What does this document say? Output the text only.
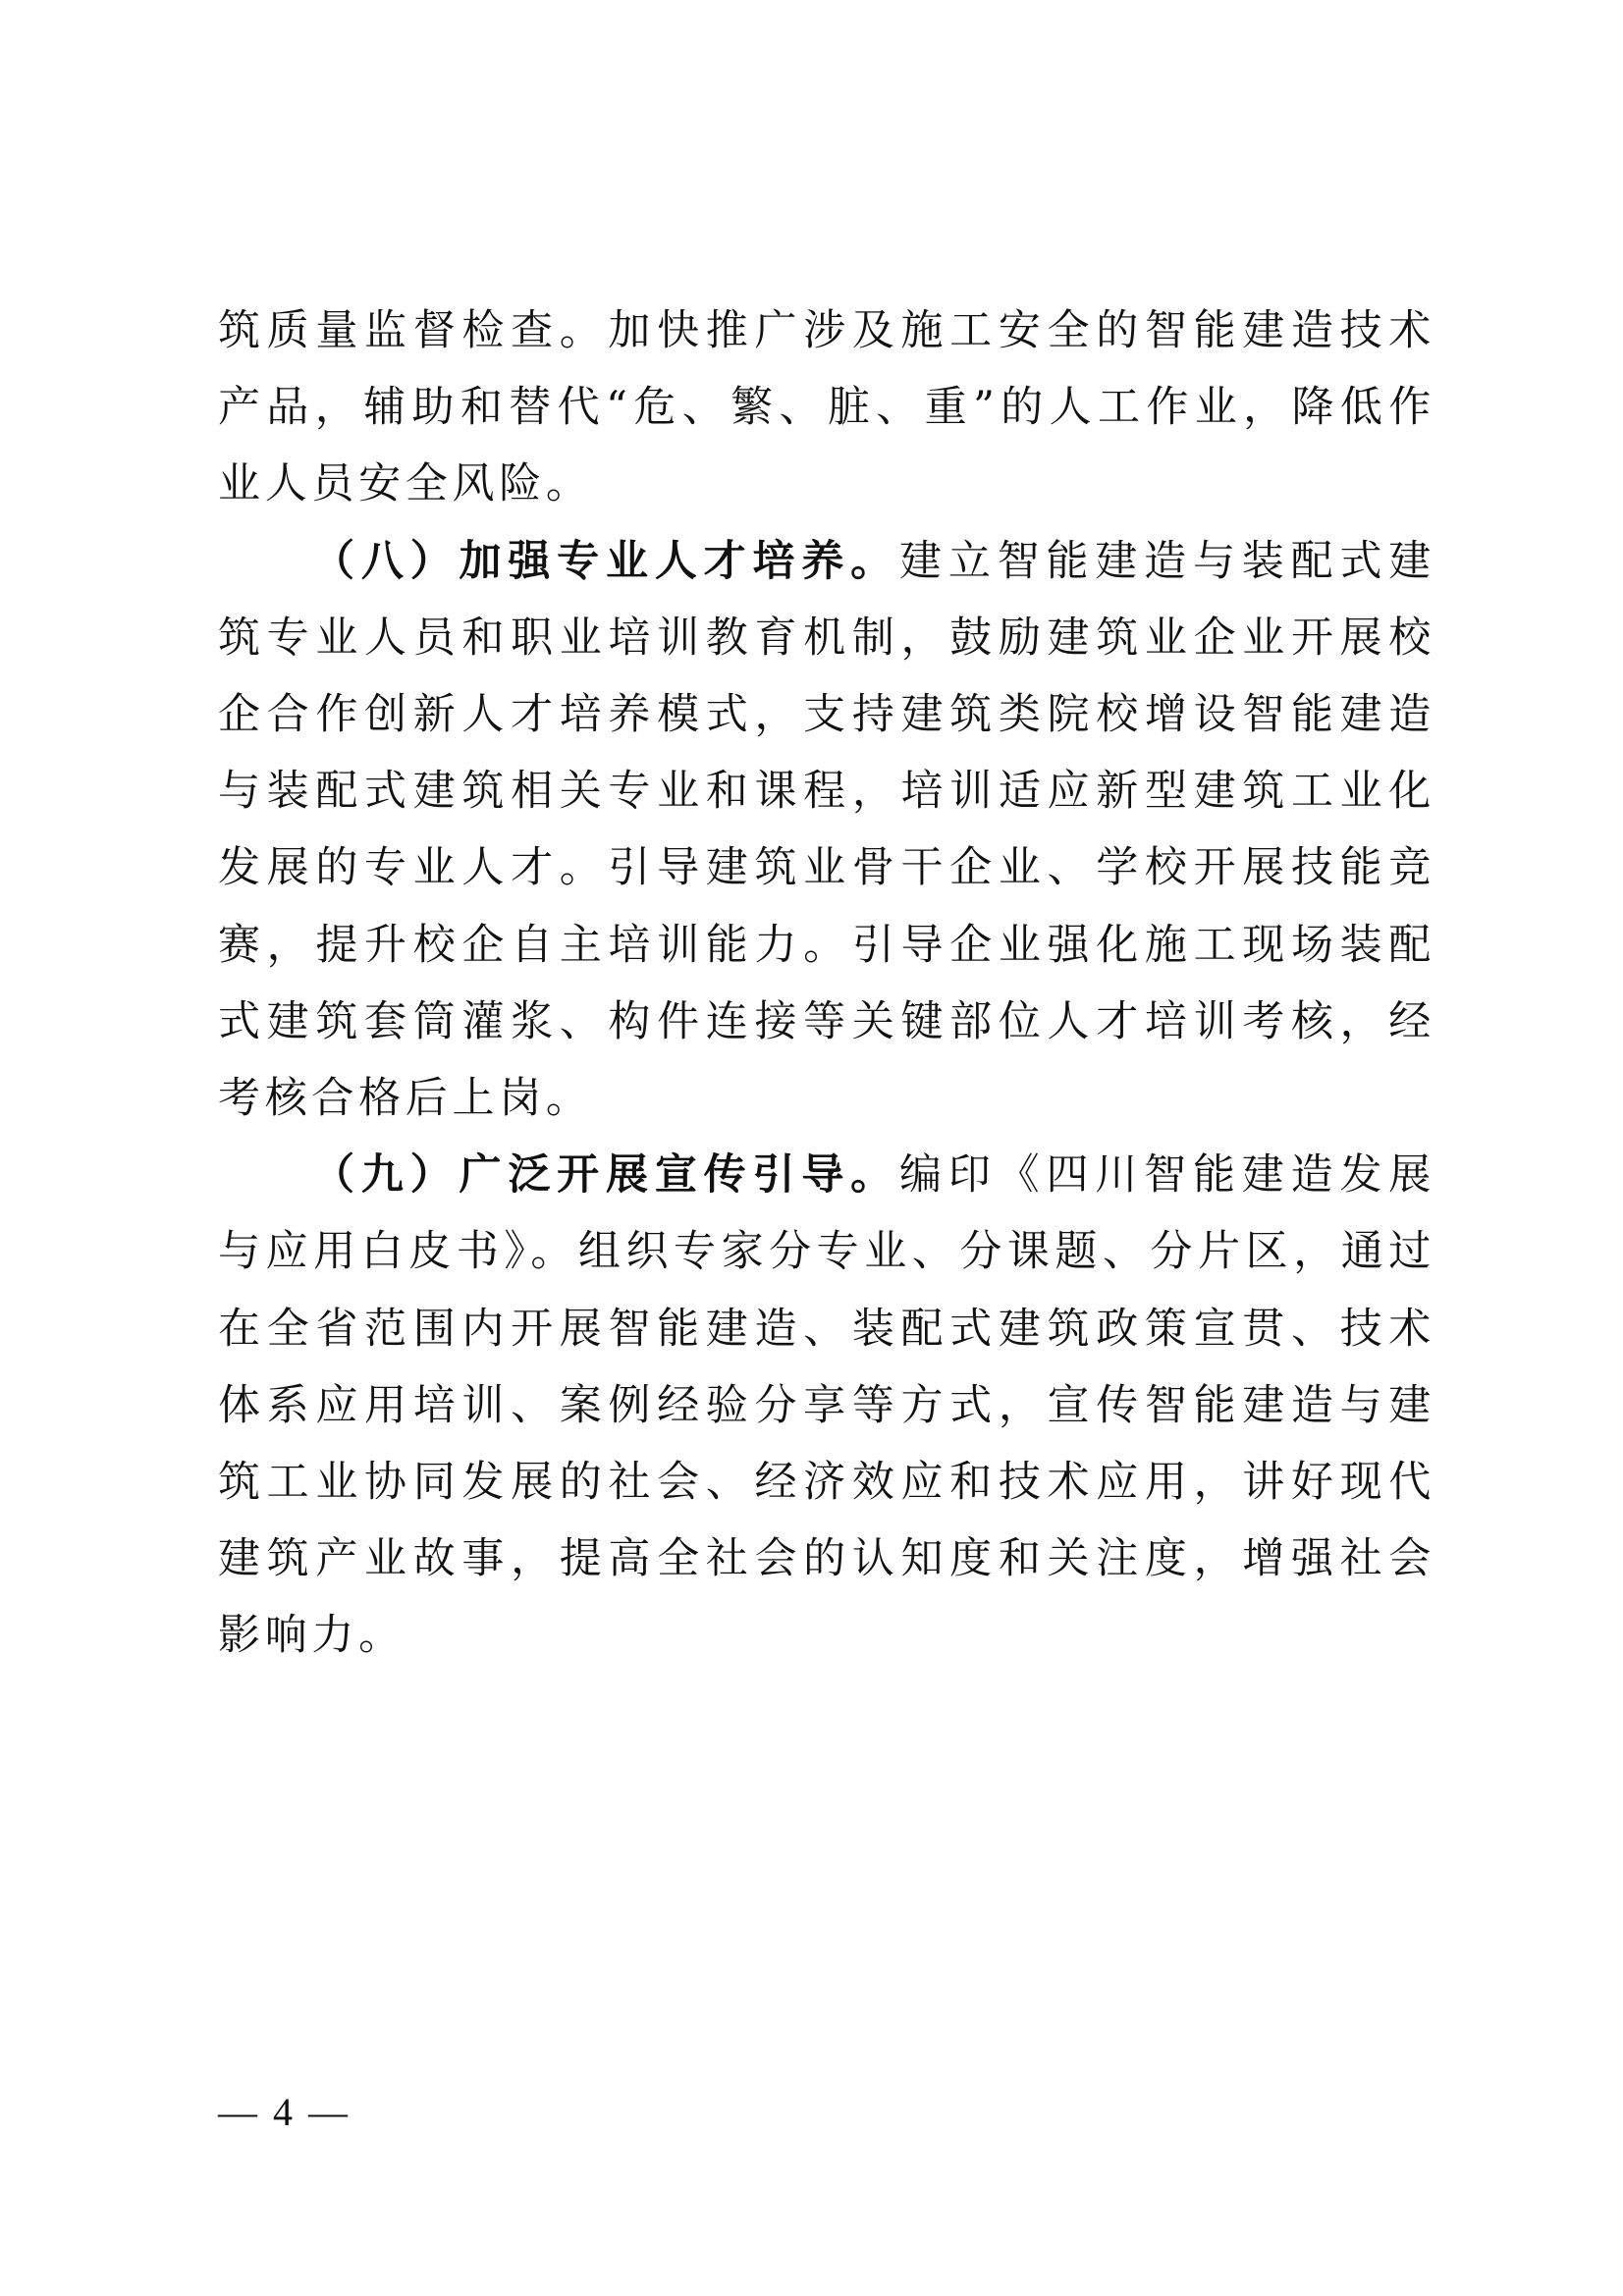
筑质量监督检查。加快推广涉及施工安全的智能建造技术产品，辅助和替代“危、繁、脏、重”的人工作业，降低作业人员安全风险。

（八）加强专业人才培养。建立智能建造与装配式建筑专业人员和职业培训教育机制，鼓励建筑业企业开展校企合作创新人才培养模式，支持建筑类院校增设智能建造与装配式建筑相关专业和课程，培训适应新型建筑工业化发展的专业人才。引导建筑业骨干企业、学校开展技能竞赛，提升校企自主培训能力。引导企业强化施工现场装配式建筑套筒灌浆、构件连接等关键部位人才培训考核，经考核合格后上岗。

（九）广泛开展宣传引导。编印《四川智能建造发展与应用白皮书》。组织专家分专业、分课题、分片区，通过在全省范围内开展智能建造、装配式建筑政策宣贯、技术体系应用培训、案例经验分享等方式，宣传智能建造与建筑工业协同发展的社会、经济效应和技术应用，讲好现代建筑产业故事，提高全社会的认知度和关注度，增强社会影响力。

— 4 —
